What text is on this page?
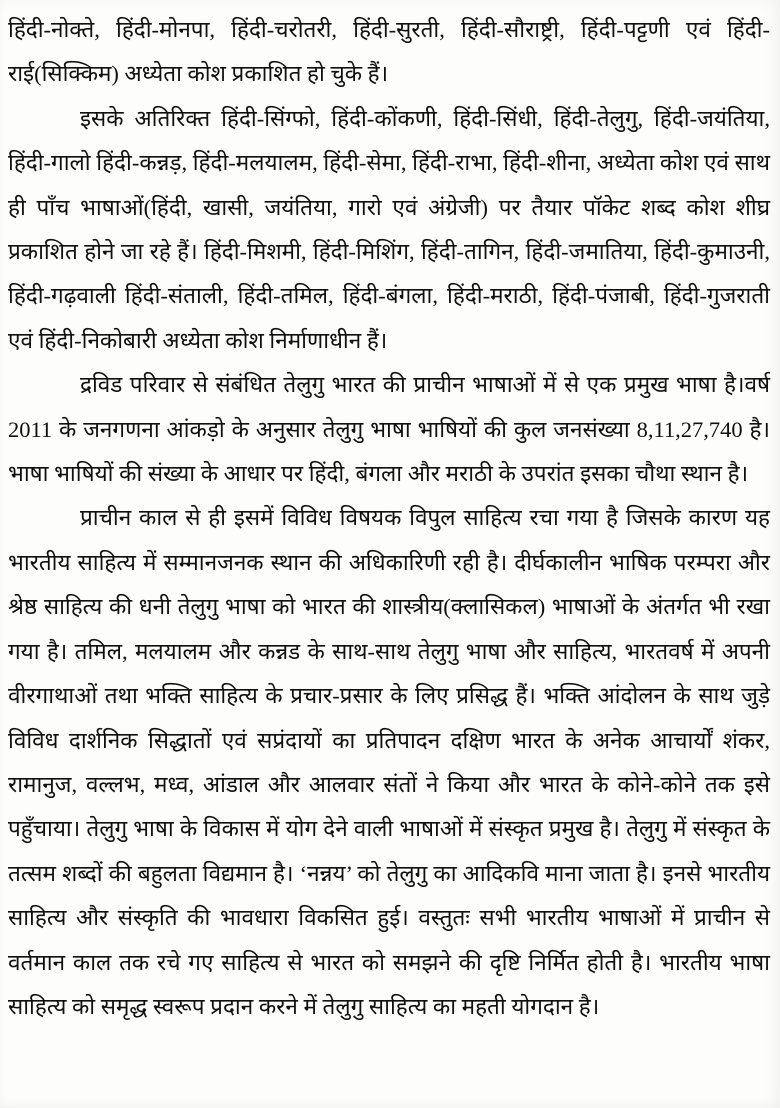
हिंदी-नोक्ते, हिंदी-मोनपा, हिंदी-चरोतरी, हिंदी-सुरती, हिंदी-सौराष्ट्री, हिंदी-पट्टणी एवं हिंदी-राई(सिक्किम) अध्येता कोश प्रकाशित हो चुके हैं।

इसके अतिरिक्त हिंदी-सिंग्फो, हिंदी-कोंकणी, हिंदी-सिंधी, हिंदी-तेलुगु, हिंदी-जयंतिया, हिंदी-गालो हिंदी-कन्नड़, हिंदी-मलयालम, हिंदी-सेमा, हिंदी-राभा, हिंदी-शीना, अध्येता कोश एवं साथ ही पाँच भाषाओं(हिंदी, खासी, जयंतिया, गारो एवं अंग्रेजी) पर तैयार पॉकेट शब्द कोश शीघ्र प्रकाशित होने जा रहे हैं। हिंदी-मिशमी, हिंदी-मिशिंग, हिंदी-तागिन, हिंदी-जमातिया, हिंदी-कुमाउनी, हिंदी-गढ़वाली हिंदी-संताली, हिंदी-तमिल, हिंदी-बंगला, हिंदी-मराठी, हिंदी-पंजाबी, हिंदी-गुजराती एवं हिंदी-निकोबारी अध्येता कोश निर्माणाधीन हैं।

द्रविड परिवार से संबंधित तेलुगु भारत की प्राचीन भाषाओं में से एक प्रमुख भाषा है।वर्ष 2011 के जनगणना आंकड़ो के अनुसार तेलुगु भाषा भाषियों की कुल जनसंख्या 8,11,27,740 है। भाषा भाषियों की संख्या के आधार पर हिंदी, बंगला और मराठी के उपरांत इसका चौथा स्थान है।

प्राचीन काल से ही इसमें विविध विषयक विपुल साहित्य रचा गया है जिसके कारण यह भारतीय साहित्य में सम्मानजनक स्थान की अधिकारिणी रही है। दीर्घकालीन भाषिक परम्परा और श्रेष्ठ साहित्य की धनी तेलुगु भाषा को भारत की शास्त्रीय(क्लासिकल) भाषाओं के अंतर्गत भी रखा गया है। तमिल, मलयालम और कन्नड के साथ-साथ तेलुगु भाषा और साहित्य, भारतवर्ष में अपनी वीरगाथाओं तथा भक्ति साहित्य के प्रचार-प्रसार के लिए प्रसिद्ध हैं। भक्ति आंदोलन के साथ जुड़े विविध दार्शनिक सिद्धातों एवं सप्रंदायों का प्रतिपादन दक्षिण भारत के अनेक आचार्यों शंकर, रामानुज, वल्लभ, मध्व, आंडाल और आलवार संतों ने किया और भारत के कोने-कोने तक इसे पहुँचाया। तेलुगु भाषा के विकास में योग देने वाली भाषाओं में संस्कृत प्रमुख है। तेलुगु में संस्कृत के तत्सम शब्दों की बहुलता विद्यमान है। ‘नन्नय’ को तेलुगु का आदिकवि माना जाता है। इनसे भारतीय साहित्य और संस्कृति की भावधारा विकसित हुई। वस्तुतः सभी भारतीय भाषाओं में प्राचीन से वर्तमान काल तक रचे गए साहित्य से भारत को समझने की दृष्टि निर्मित होती है। भारतीय भाषा साहित्य को समृद्ध स्वरूप प्रदान करने में तेलुगु साहित्य का महती योगदान है।
